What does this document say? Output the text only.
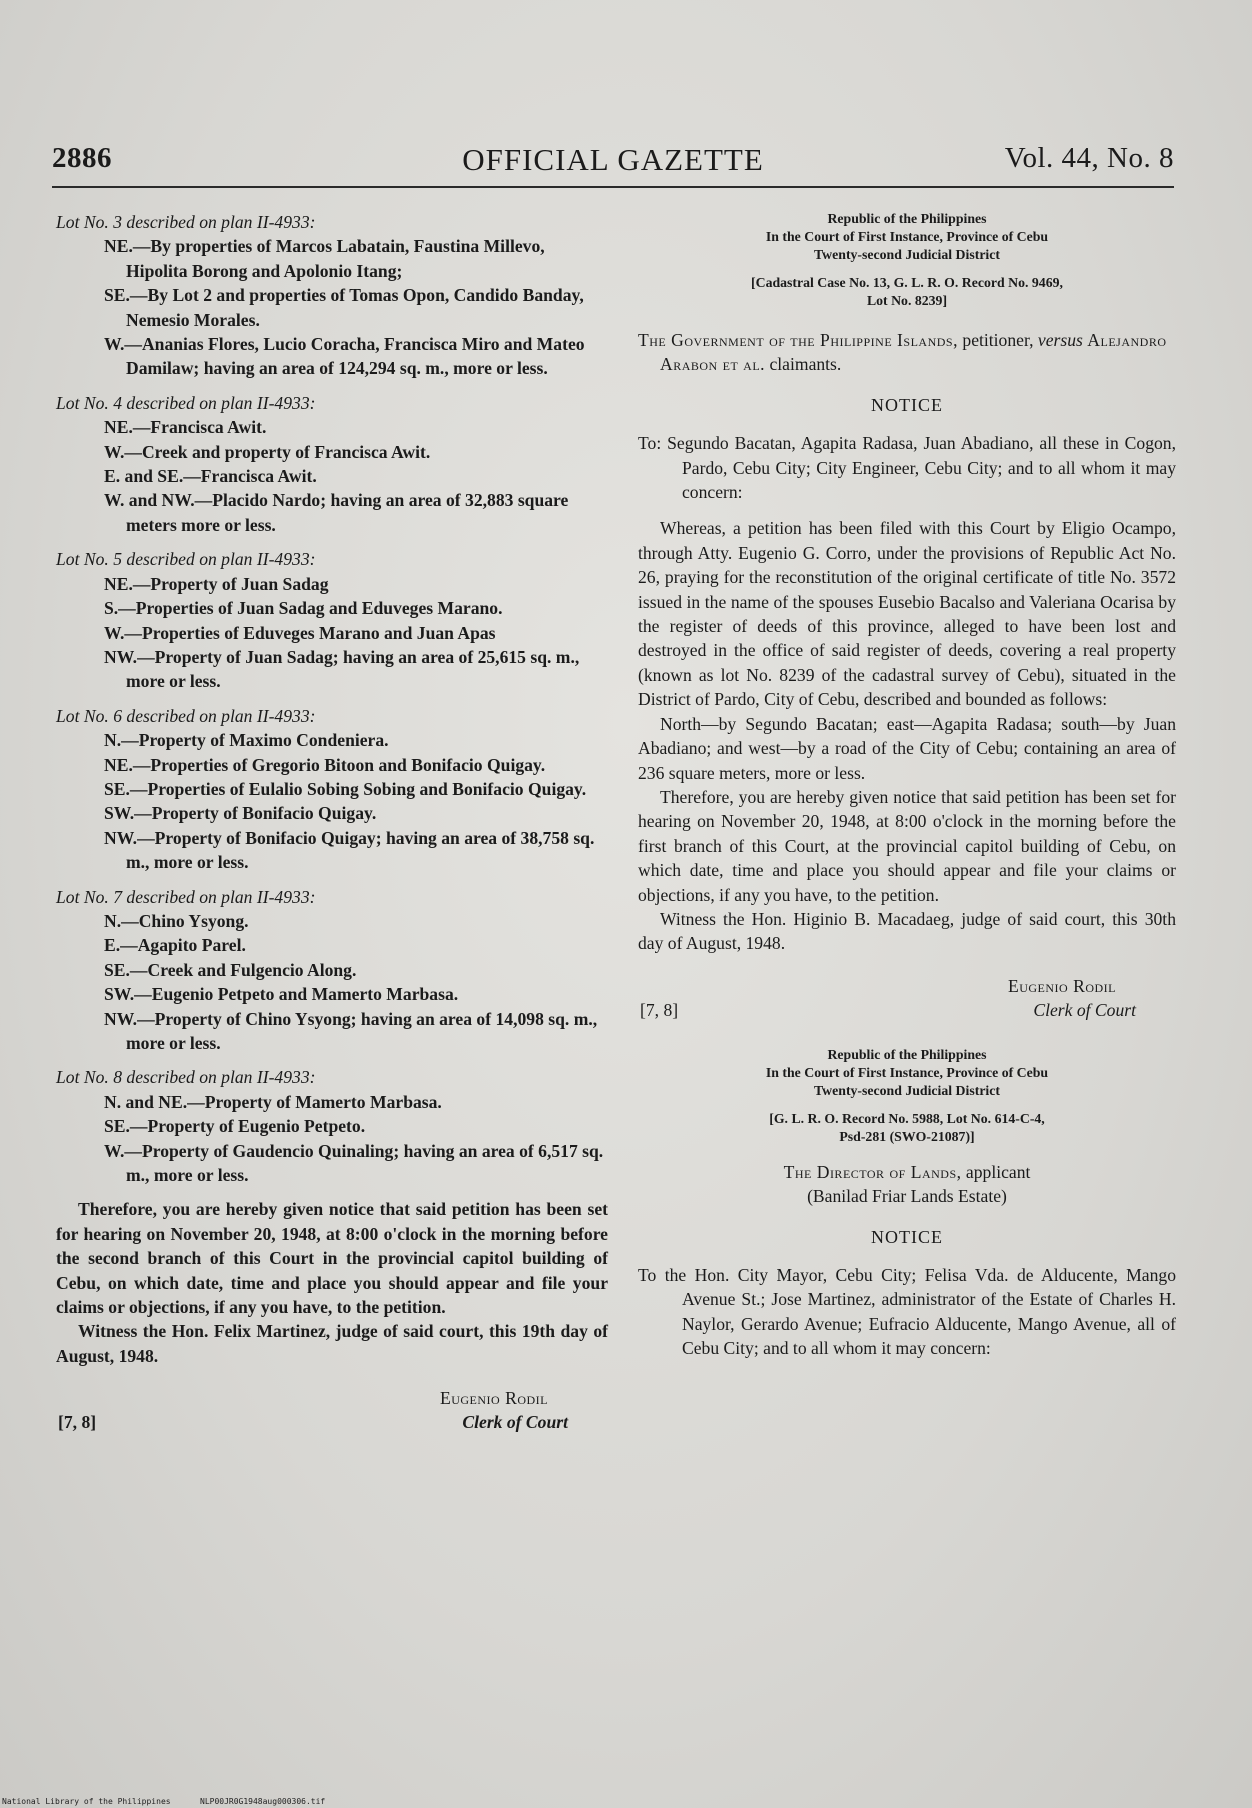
OFFICIAL GAZETTE
2886	Vol. 44, No. 8

Lot No. 3 described on plan II-4933:

NE.—By properties of Marcos Labatain, Faustina Millevo, Hipolita Borong and Apolonio Itang;

SE.—By Lot 2 and properties of Tomas Opon, Candido Banday, Nemesio Morales.

W.—Ananias Flores, Lucio Coracha, Francisca Miro and Mateo Damilaw; having an area of 124,294 sq. m., more or less.

Lot No. 4 described on plan II-4933:

NE.—Francisca Awit.

W.—Creek and property of Francisca Awit.

E. and SE.—Francisca Awit.

W. and NW.—Placido Nardo; having an area of 32,883 square meters more or less.

Lot No. 5 described on plan II-4933:

NE.—Property of Juan Sadag

S.—Properties of Juan Sadag and Eduveges Marano.

W.—Properties of Eduveges Marano and Juan Apas

NW.—Property of Juan Sadag; having an area of 25,615 sq. m., more or less.

Lot No. 6 described on plan II-4933:

N.—Property of Maximo Condeniera.

NE.—Properties of Gregorio Bitoon and Bonifacio Quigay.

SE.—Properties of Eulalio Sobing Sobing and Bonifacio Quigay.

SW.—Property of Bonifacio Quigay.

NW.—Property of Bonifacio Quigay; having an area of 38,758 sq. m., more or less.

Lot No. 7 described on plan II-4933:

N.—Chino Ysyong.

E.—Agapito Parel.

SE.—Creek and Fulgencio Along.

SW.—Eugenio Petpeto and Mamerto Marbasa.

NW.—Property of Chino Ysyong; having an area of 14,098 sq. m., more or less.

Lot No. 8 described on plan II-4933:

N. and NE.—Property of Mamerto Marbasa.

SE.—Property of Eugenio Petpeto.

W.—Property of Gaudencio Quinaling; having an area of 6,517 sq. m., more or less.

Therefore, you are hereby given notice that said petition has been set for hearing on November 20, 1948, at 8:00 o'clock in the morning before the second branch of this Court in the provincial capitol building of Cebu, on which date, time and place you should appear and file your claims or objections, if any you have, to the petition.

Witness the Hon. Felix Martinez, judge of said court, this 19th day of August, 1948.

Eugenio Rodil
Clerk of Court
[7, 8]
Republic of the Philippines
In the Court of First Instance, Province of Cebu
Twenty-second Judicial District
[Cadastral Case No. 13, G. L. R. O. Record No. 9469,
Lot No. 8239]

The Government of the Philippine Islands, petitioner, versus Alejandro Arabon et al. claimants.

NOTICE

To: Segundo Bacatan, Agapita Radasa, Juan Abadiano, all these in Cogon, Pardo, Cebu City; City Engineer, Cebu City; and to all whom it may concern:

Whereas, a petition has been filed with this Court by Eligio Ocampo, through Atty. Eugenio G. Corro, under the provisions of Republic Act No. 26, praying for the reconstitution of the original certificate of title No. 3572 issued in the name of the spouses Eusebio Bacalso and Valeriana Ocarisa by the register of deeds of this province, alleged to have been lost and destroyed in the office of said register of deeds, covering a real property (known as lot No. 8239 of the cadastral survey of Cebu), situated in the District of Pardo, City of Cebu, described and bounded as follows:

North—by Segundo Bacatan; east—Agapita Radasa; south—by Juan Abadiano; and west—by a road of the City of Cebu; containing an area of 236 square meters, more or less.

Therefore, you are hereby given notice that said petition has been set for hearing on November 20, 1948, at 8:00 o'clock in the morning before the first branch of this Court, at the provincial capitol building of Cebu, on which date, time and place you should appear and file your claims or objections, if any you have, to the petition.

Witness the Hon. Higinio B. Macadaeg, judge of said court, this 30th day of August, 1948.

Eugenio Rodil
Clerk of Court
[7, 8]
Republic of the Philippines
In the Court of First Instance, Province of Cebu
Twenty-second Judicial District
[G. L. R. O. Record No. 5988, Lot No. 614-C-4,
Psd-281 (SWO-21087)]
The Director of Lands, applicant
(Banilad Friar Lands Estate)
NOTICE

To the Hon. City Mayor, Cebu City; Felisa Vda. de Alducente, Mango Avenue St.; Jose Martinez, administrator of the Estate of Charles H. Naylor, Gerardo Avenue; Eufracio Alducente, Mango Avenue, all of Cebu City; and to all whom it may concern:

National Library of the Philippines	NLP00JR0G1948aug000306.tif
